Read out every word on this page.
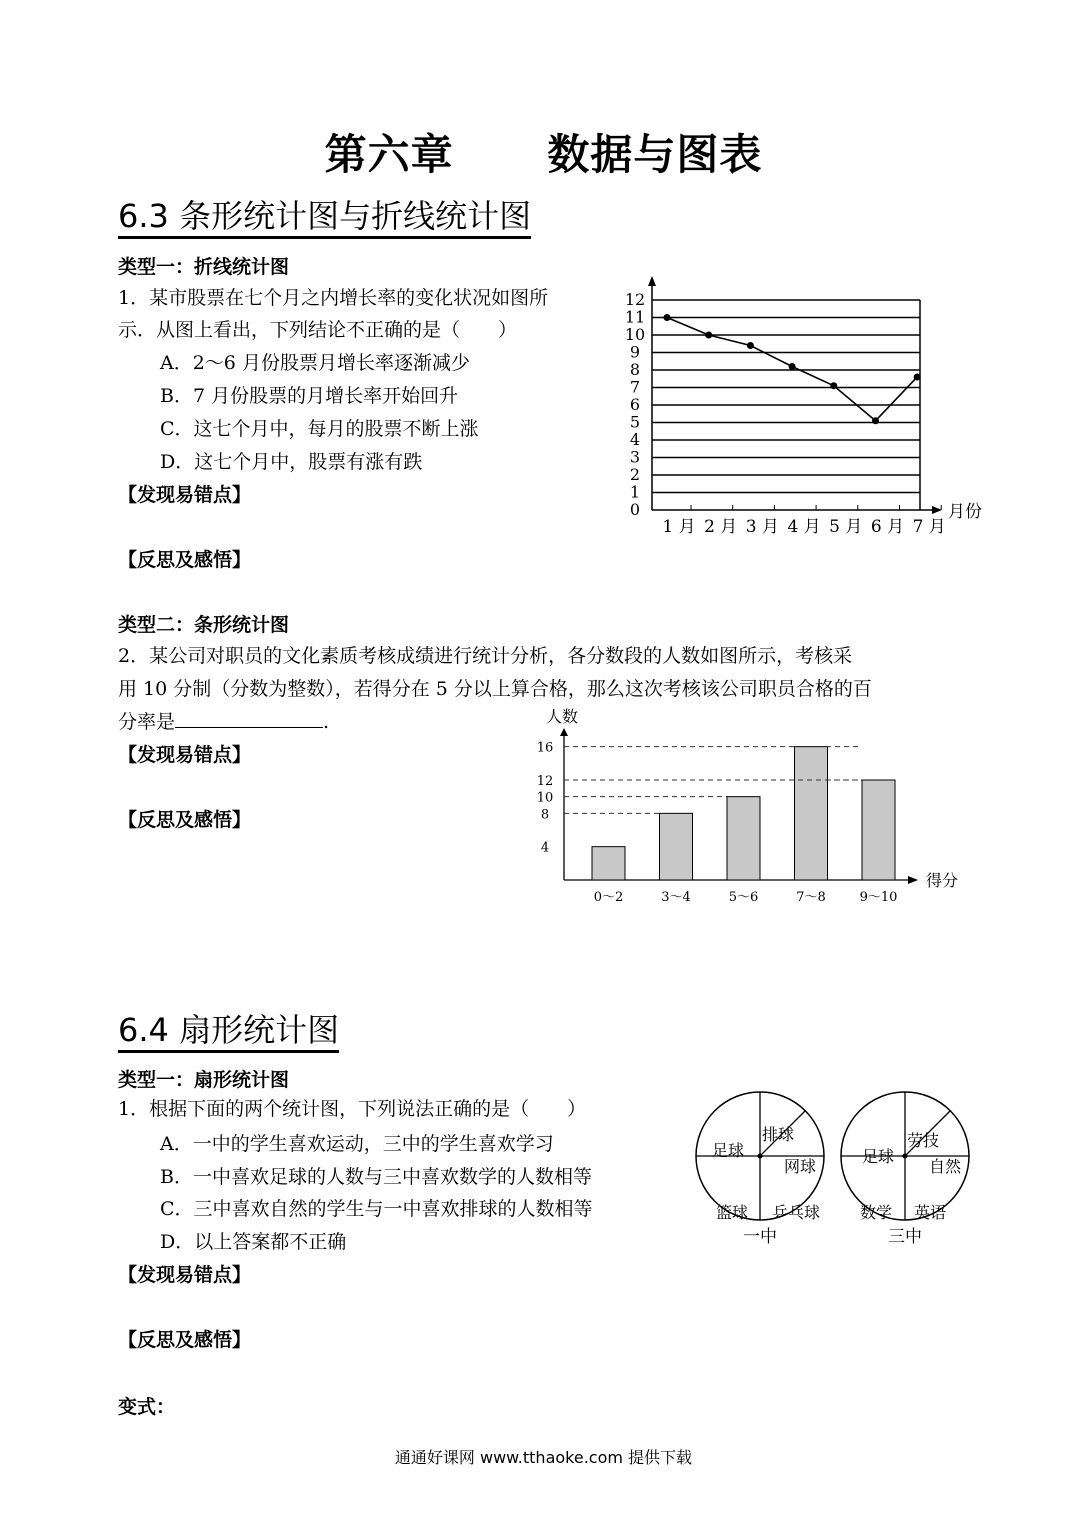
第六章      数据与图表
6.3 条形统计图与折线统计图
类型一：折线统计图
1．某市股票在七个月之内增长率的变化状况如图所
示．从图上看出，下列结论不正确的是（　　）
A．2～6 月份股票月增长率逐渐减少
B．7 月份股票的月增长率开始回升
C．这七个月中，每月的股票不断上涨
D．这七个月中，股票有涨有跌
【发现易错点】
【反思及感悟】
0
1
2
3
4
5
6
7
8
9
10
11
12
1 月 2 月 3 月 4 月 5 月 6 月 7 月
月份
类型二：条形统计图
2．某公司对职员的文化素质考核成绩进行统计分析，各分数段的人数如图所示，考核采
用 10 分制（分数为整数），若得分在 5 分以上算合格，那么这次考核该公司职员合格的百
分率是	.
【发现易错点】
【反思及感悟】
人数
得分
4
8
10
12
16
0～2	3～4	5～6	7～8	9～10
6.4 扇形统计图
类型一：扇形统计图
1．根据下面的两个统计图，下列说法正确的是（　　）
A．一中的学生喜欢运动，三中的学生喜欢学习
B．一中喜欢足球的人数与三中喜欢数学的人数相等
C．三中喜欢自然的学生与一中喜欢排球的人数相等
D．以上答案都不正确
【发现易错点】
【反思及感悟】
变式：
足球
排球
网球
乒乓球
篮球
一中
足球
劳技
自然
英语
数学
三中
通通好课网 www.tthaoke.com 提供下载
